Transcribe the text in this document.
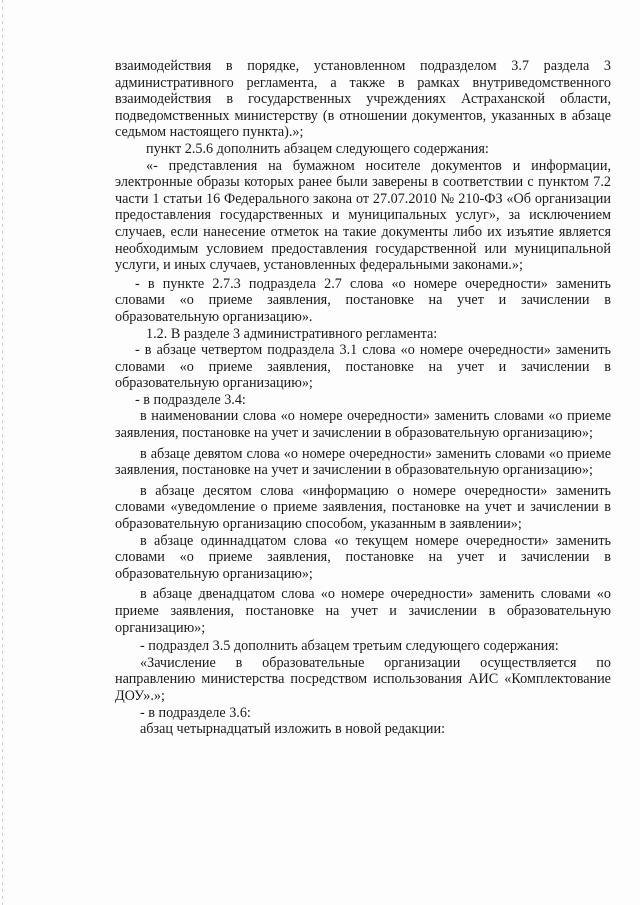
взаимодействия в порядке, установленном подразделом 3.7 раздела 3 административного регламента, а также в рамках внутриведомственного взаимодействия в государственных учреждениях Астраханской области, подведомственных министерству (в отношении документов, указанных в абзаце седьмом настоящего пункта).»;

пункт 2.5.6 дополнить абзацем следующего содержания:

«- представления на бумажном носителе документов и информации, электронные образы которых ранее были заверены в соответствии с пунктом 7.2 части 1 статьи 16 Федерального закона от 27.07.2010 № 210-ФЗ «Об организации предоставления государственных и муниципальных услуг», за исключением случаев, если нанесение отметок на такие документы либо их изъятие является необходимым условием предоставления государственной или муниципальной услуги, и иных случаев, установленных федеральными законами.»;

- в пункте 2.7.3 подраздела 2.7 слова «о номере очередности» заменить словами «о приеме заявления, постановке на учет и зачислении в образовательную организацию».

1.2. В разделе 3 административного регламента:

- в абзаце четвертом подраздела 3.1 слова «о номере очередности» заменить словами «о приеме заявления, постановке на учет и зачислении в образовательную организацию»;

- в подразделе 3.4:

в наименовании слова «о номере очередности» заменить словами «о приеме заявления, постановке на учет и зачислении в образовательную организацию»;

в абзаце девятом слова «о номере очередности» заменить словами «о приеме заявления, постановке на учет и зачислении в образовательную организацию»;

в абзаце десятом слова «информацию о номере очередности» заменить словами «уведомление о приеме заявления, постановке на учет и зачислении в образовательную организацию способом, указанным в заявлении»;

в абзаце одиннадцатом слова «о текущем номере очередности» заменить словами «о приеме заявления, постановке на учет и зачислении в образовательную организацию»;

в абзаце двенадцатом слова «о номере очередности» заменить словами «о приеме заявления, постановке на учет и зачислении в образовательную организацию»;

- подраздел 3.5 дополнить абзацем третьим следующего содержания:

«Зачисление в образовательные организации осуществляется по направлению министерства посредством использования АИС «Комплектование ДОУ».»;

- в подразделе 3.6:

абзац четырнадцатый изложить в новой редакции:
